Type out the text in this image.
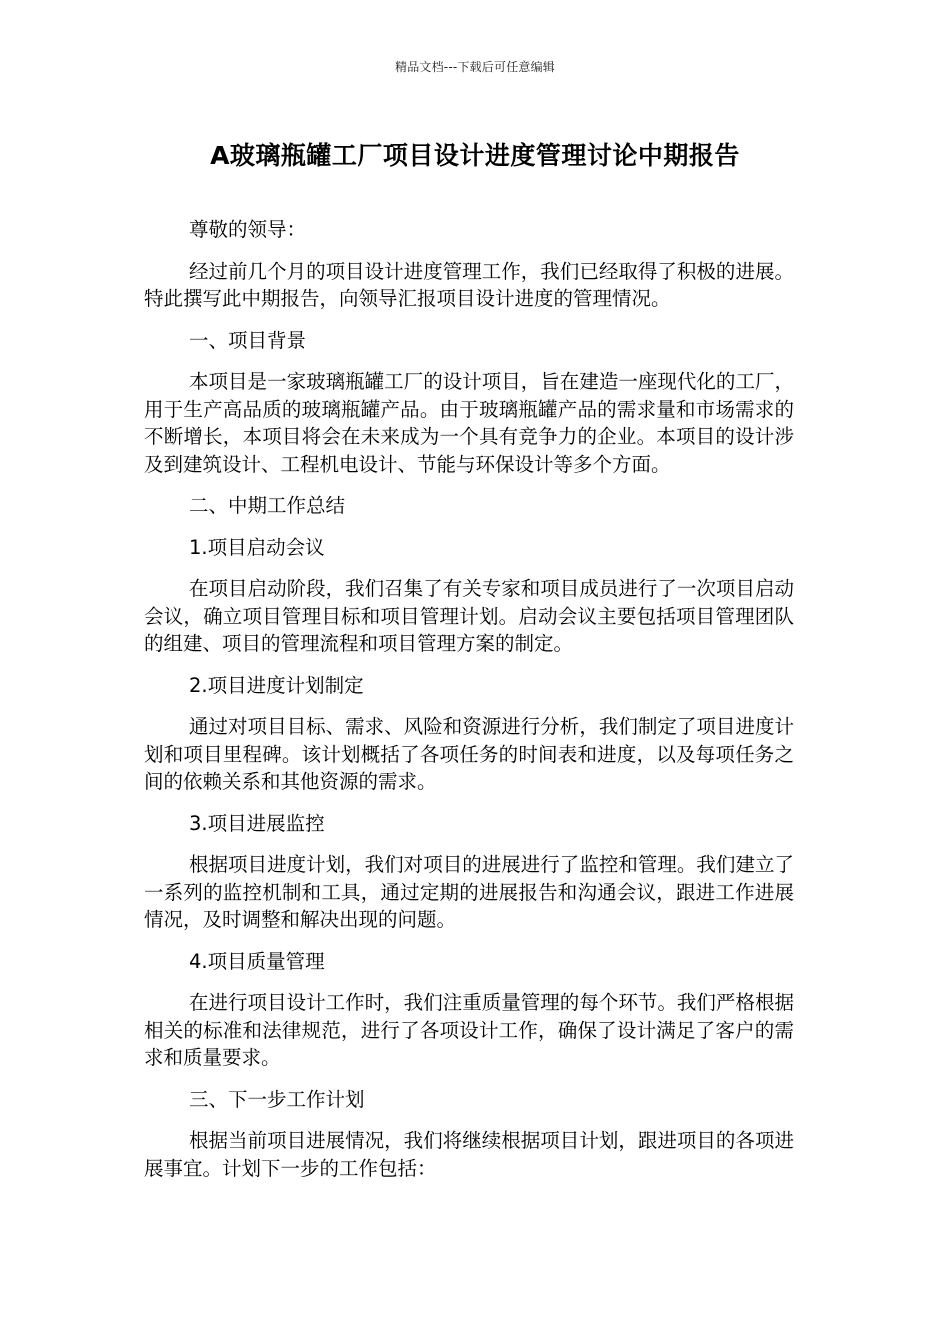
精品文档---下载后可任意编辑
A玻璃瓶罐工厂项目设计进度管理讨论中期报告

尊敬的领导：

经过前几个月的项目设计进度管理工作，我们已经取得了积极的进展。特此撰写此中期报告，向领导汇报项目设计进度的管理情况。

一、项目背景

本项目是一家玻璃瓶罐工厂的设计项目，旨在建造一座现代化的工厂，用于生产高品质的玻璃瓶罐产品。由于玻璃瓶罐产品的需求量和市场需求的不断增长，本项目将会在未来成为一个具有竞争力的企业。本项目的设计涉及到建筑设计、工程机电设计、节能与环保设计等多个方面。

二、中期工作总结

1.项目启动会议

在项目启动阶段，我们召集了有关专家和项目成员进行了一次项目启动会议，确立项目管理目标和项目管理计划。启动会议主要包括项目管理团队的组建、项目的管理流程和项目管理方案的制定。

2.项目进度计划制定

通过对项目目标、需求、风险和资源进行分析，我们制定了项目进度计划和项目里程碑。该计划概括了各项任务的时间表和进度，以及每项任务之间的依赖关系和其他资源的需求。

3.项目进展监控

根据项目进度计划，我们对项目的进展进行了监控和管理。我们建立了一系列的监控机制和工具，通过定期的进展报告和沟通会议，跟进工作进展情况，及时调整和解决出现的问题。

4.项目质量管理

在进行项目设计工作时，我们注重质量管理的每个环节。我们严格根据相关的标准和法律规范，进行了各项设计工作，确保了设计满足了客户的需求和质量要求。

三、下一步工作计划

根据当前项目进展情况，我们将继续根据项目计划，跟进项目的各项进展事宜。计划下一步的工作包括：
